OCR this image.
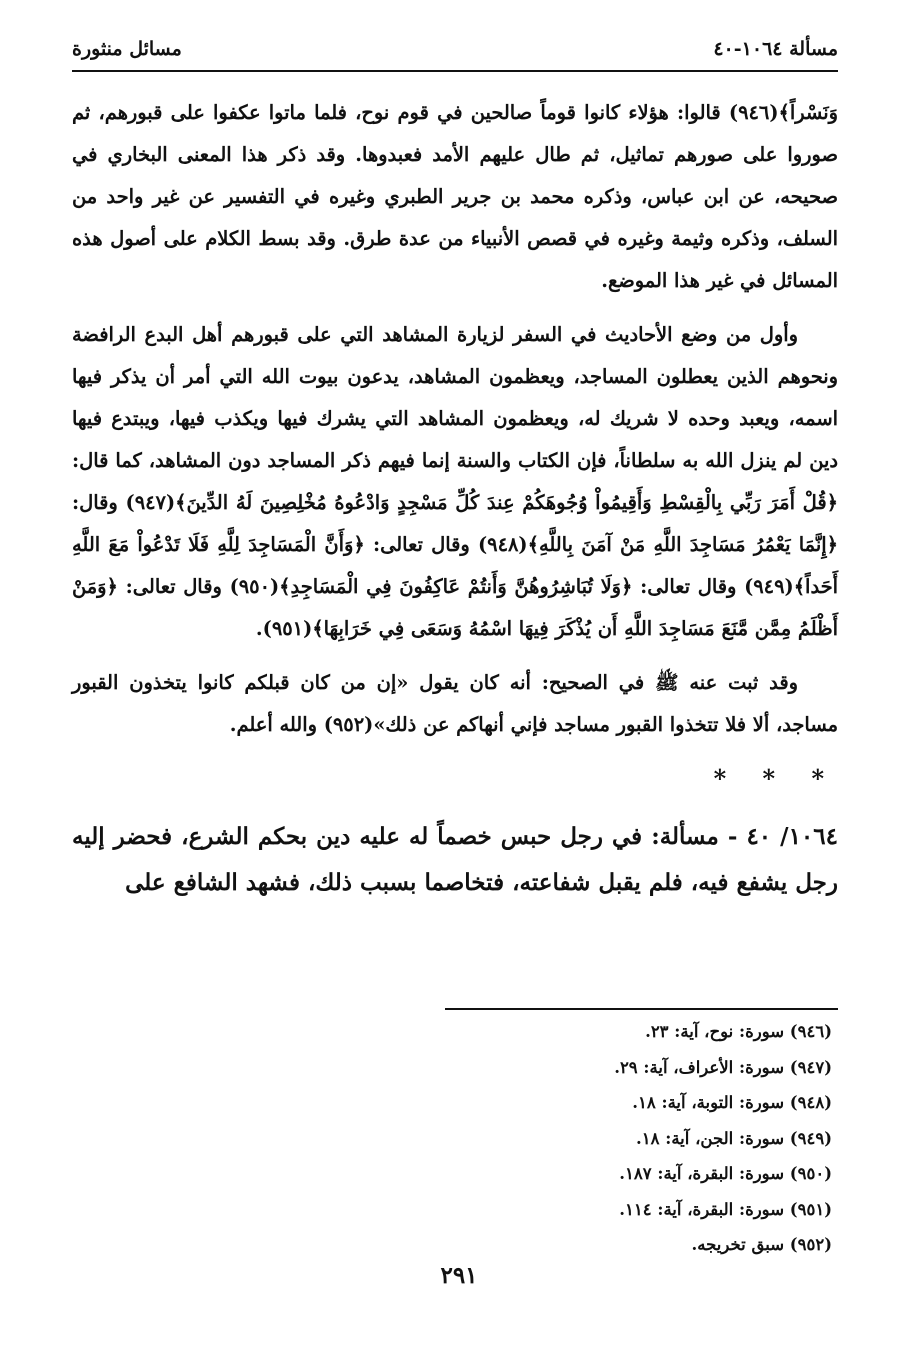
مسألة ١٠٦٤-٤٠
مسائل منثورة

وَنَسْراً﴾(٩٤٦) قالوا: هؤلاء كانوا قوماً صالحين في قوم نوح، فلما ماتوا عكفوا على قبورهم، ثم صوروا على صورهم تماثيل، ثم طال عليهم الأمد فعبدوها. وقد ذكر هذا المعنى البخاري في صحيحه، عن ابن عباس، وذكره محمد بن جرير الطبري وغيره في التفسير عن غير واحد من السلف، وذكره وثيمة وغيره في قصص الأنبياء من عدة طرق. وقد بسط الكلام على أصول هذه المسائل في غير هذا الموضع.

وأول من وضع الأحاديث في السفر لزيارة المشاهد التي على قبورهم أهل البدع الرافضة ونحوهم الذين يعطلون المساجد، ويعظمون المشاهد، يدعون بيوت الله التي أمر أن يذكر فيها اسمه، ويعبد وحده لا شريك له، ويعظمون المشاهد التي يشرك فيها ويكذب فيها، ويبتدع فيها دين لم ينزل الله به سلطاناً، فإن الكتاب والسنة إنما فيهم ذكر المساجد دون المشاهد، كما قال: ﴿قُلْ أَمَرَ رَبِّي بِالْقِسْطِ وَأَقِيمُواْ وُجُوهَكُمْ عِندَ كُلِّ مَسْجِدٍ وَادْعُوهُ مُخْلِصِينَ لَهُ الدِّينَ﴾(٩٤٧) وقال: ﴿إِنَّمَا يَعْمُرُ مَسَاجِدَ اللَّهِ مَنْ آمَنَ بِاللَّهِ﴾(٩٤٨) وقال تعالى: ﴿وَأَنَّ الْمَسَاجِدَ لِلَّهِ فَلَا تَدْعُواْ مَعَ اللَّهِ أَحَداً﴾(٩٤٩) وقال تعالى: ﴿وَلَا تُبَاشِرُوهُنَّ وَأَنتُمْ عَاكِفُونَ فِي الْمَسَاجِدِ﴾(٩٥٠) وقال تعالى: ﴿وَمَنْ أَظْلَمُ مِمَّن مَّنَعَ مَسَاجِدَ اللَّهِ أَن يُذْكَرَ فِيهَا اسْمُهُ وَسَعَى فِي خَرَابِهَا﴾(٩٥١).

وقد ثبت عنه ﷺ في الصحيح: أنه كان يقول «إن من كان قبلكم كانوا يتخذون القبور مساجد، ألا فلا تتخذوا القبور مساجد فإني أنهاكم عن ذلك»(٩٥٢) والله أعلم.

* * *

١٠٦٤/ ٤٠ - مسألة: في رجل حبس خصماً له عليه دين بحكم الشرع، فحضر إليه رجل يشفع فيه، فلم يقبل شفاعته، فتخاصما بسبب ذلك، فشهد الشافع على

(٩٤٦) سورة: نوح، آية: ٢٣.
(٩٤٧) سورة: الأعراف، آية: ٢٩.
(٩٤٨) سورة: التوبة، آية: ١٨.
(٩٤٩) سورة: الجن، آية: ١٨.
(٩٥٠) سورة: البقرة، آية: ١٨٧.
(٩٥١) سورة: البقرة، آية: ١١٤.
(٩٥٢) سبق تخريجه.
٢٩١
